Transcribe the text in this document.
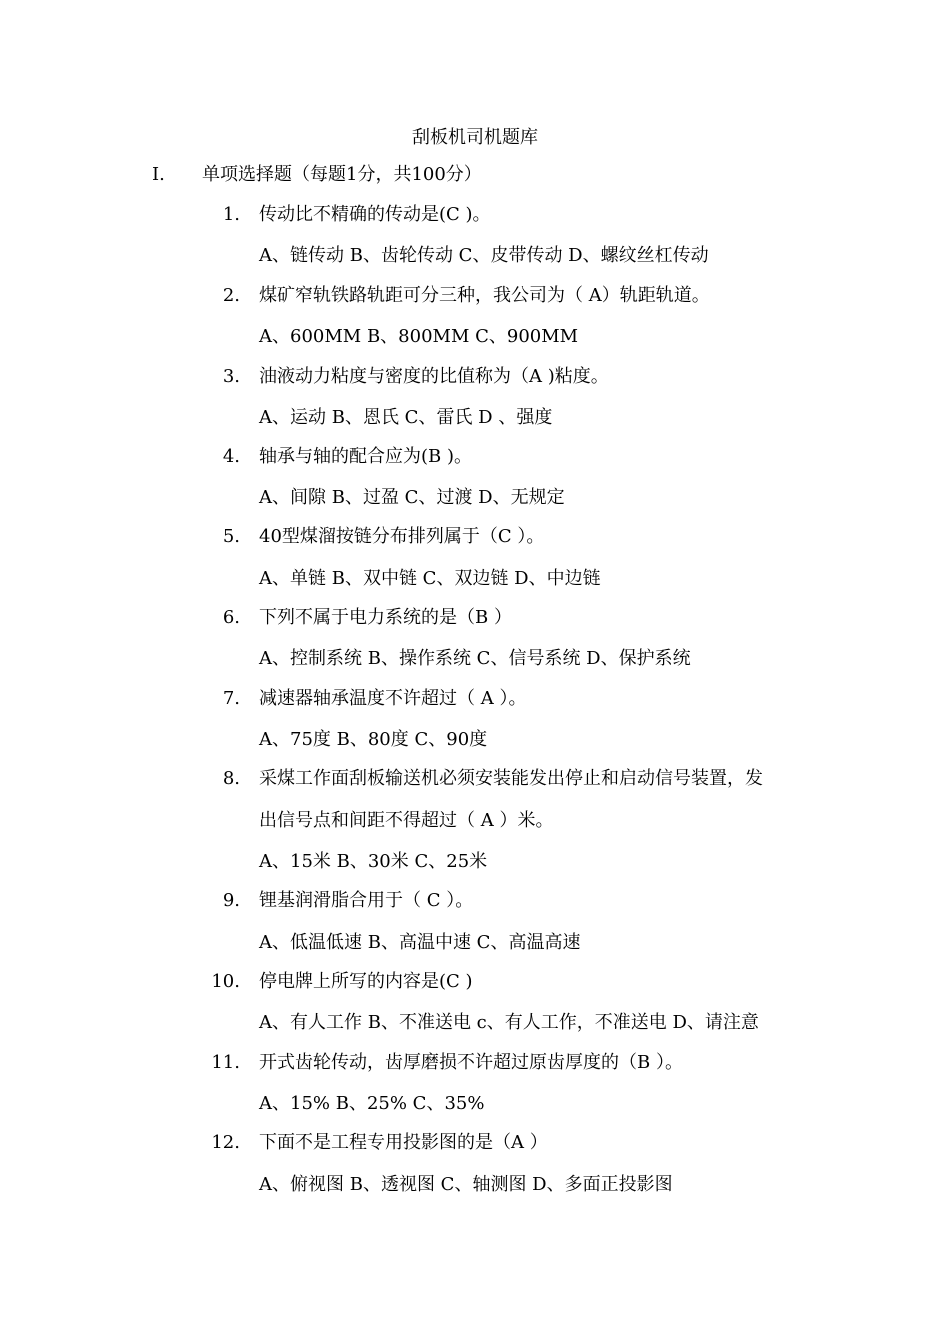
刮板机司机题库
I. 单项选择题（每题1分，共100分）
1. 传动比不精确的传动是(C )。
A、链传动 B、齿轮传动 C、皮带传动 D、螺纹丝杠传动
2. 煤矿窄轨铁路轨距可分三种，我公司为（ A）轨距轨道。
A、600MM B、800MM C、900MM
3. 油液动力粘度与密度的比值称为（A )粘度。
A、运动 B、恩氏 C、雷氏 D 、强度
4. 轴承与轴的配合应为(B )。
A、间隙 B、过盈 C、过渡 D、无规定
5. 40型煤溜按链分布排列属于（C ）。
A、单链 B、双中链 C、双边链 D、中边链
6. 下列不属于电力系统的是（B ）
A、控制系统 B、操作系统 C、信号系统 D、保护系统
7. 减速器轴承温度不许超过（ A ）。
A、75度 B、80度 C、90度
8. 采煤工作面刮板输送机必须安装能发出停止和启动信号装置，发
出信号点和间距不得超过（ A ）米。
A、15米 B、30米 C、25米
9. 锂基润滑脂合用于（ C ）。
A、低温低速 B、高温中速 C、高温高速
10. 停电牌上所写的内容是(C )
A、有人工作 B、不准送电 c、有人工作，不准送电 D、请注意
11. 开式齿轮传动，齿厚磨损不许超过原齿厚度的（B ）。
A、15% B、25% C、35%
12. 下面不是工程专用投影图的是（A ）
A、俯视图 B、透视图 C、轴测图 D、多面正投影图
